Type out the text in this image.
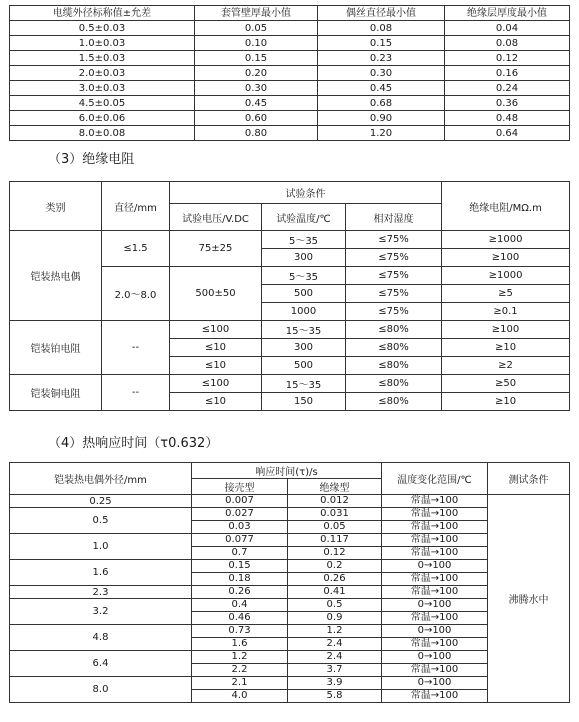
电缆外径标称值±允差	套管壁厚最小值	偶丝直径最小值	绝缘层厚度最小值
0.5±0.03	0.05	0.08	0.04
1.0±0.03	0.10	0.15	0.08
1.5±0.03	0.15	0.23	0.12
2.0±0.03	0.20	0.30	0.16
3.0±0.03	0.30	0.45	0.24
4.5±0.05	0.45	0.68	0.36
6.0±0.06	0.60	0.90	0.48
8.0±0.08	0.80	1.20	0.64
（3）绝缘电阻
类别	直径/mm	试验条件			绝缘电阻/MΩ.m
		试验电压/V.DC	试验温度/℃	相对湿度	
铠装热电偶	≤1.5	75±25	5～35	≤75%	≥1000
			300	≤75%	≥100
	2.0～8.0	500±50	5～35	≤75%	≥1000
			500	≤75%	≥5
			1000	≤75%	≥0.1
铠装铂电阻	--	≤100	15～35	≤80%	≥100
		≤10	300	≤80%	≥10
		≤10	500	≤80%	≥2
铠装铜电阻	--	≤100	15～35	≤80%	≥50
		≤10	150	≤80%	≥10
（4）热响应时间（τ0.632）
铠装热电偶外径/mm	响应时间(τ)/s		温度变化范围/℃	测试条件
	接壳型	绝缘型		
0.25	0.007	0.012	常温→100	沸腾水中
0.5	0.027	0.031	常温→100	
	0.03	0.05	常温→100	
1.0	0.077	0.117	常温→100	
	0.7	0.12	常温→100	
1.6	0.15	0.2	0→100	
	0.18	0.26	常温→100	
2.3	0.26	0.41	常温→100	
3.2	0.4	0.5	0→100	
	0.46	0.9	常温→100	
4.8	0.73	1.2	0→100	
	1.6	2.4	常温→100	
6.4	1.2	2.4	0→100	
	2.2	3.7	常温→100	
8.0	2.1	3.9	0→100	
	4.0	5.8	常温→100	
